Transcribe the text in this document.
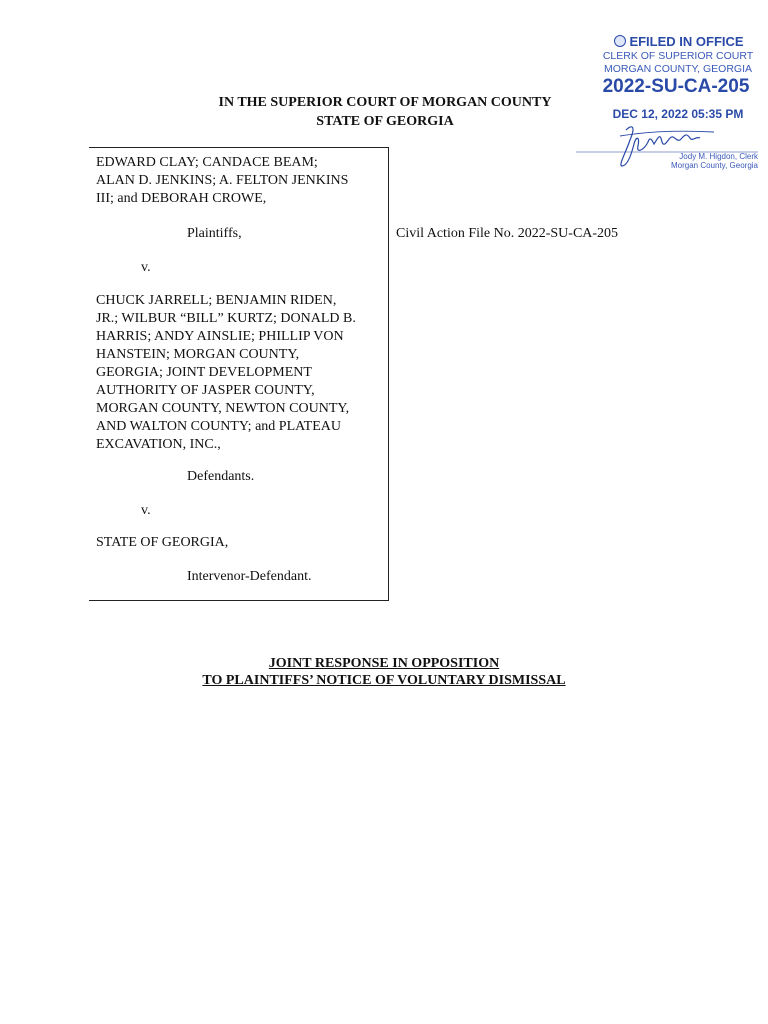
EFILED IN OFFICE
CLERK OF SUPERIOR COURT
MORGAN COUNTY, GEORGIA
2022-SU-CA-205
DEC 12, 2022 05:35 PM
Jody M. Higdon, Clerk
Morgan County, Georgia
IN THE SUPERIOR COURT OF MORGAN COUNTY
STATE OF GEORGIA
EDWARD CLAY; CANDACE BEAM;
ALAN D. JENKINS; A. FELTON JENKINS
III; and DEBORAH CROWE,
Plaintiffs,
v.
CHUCK JARRELL; BENJAMIN RIDEN,
JR.; WILBUR “BILL” KURTZ; DONALD B.
HARRIS; ANDY AINSLIE; PHILLIP VON
HANSTEIN; MORGAN COUNTY,
GEORGIA; JOINT DEVELOPMENT
AUTHORITY OF JASPER COUNTY,
MORGAN COUNTY, NEWTON COUNTY,
AND WALTON COUNTY; and PLATEAU
EXCAVATION, INC.,
Defendants.
v.
STATE OF GEORGIA,
Intervenor-Defendant.
Civil Action File No. 2022-SU-CA-205
JOINT RESPONSE IN OPPOSITION
TO PLAINTIFFS’ NOTICE OF VOLUNTARY DISMISSAL
